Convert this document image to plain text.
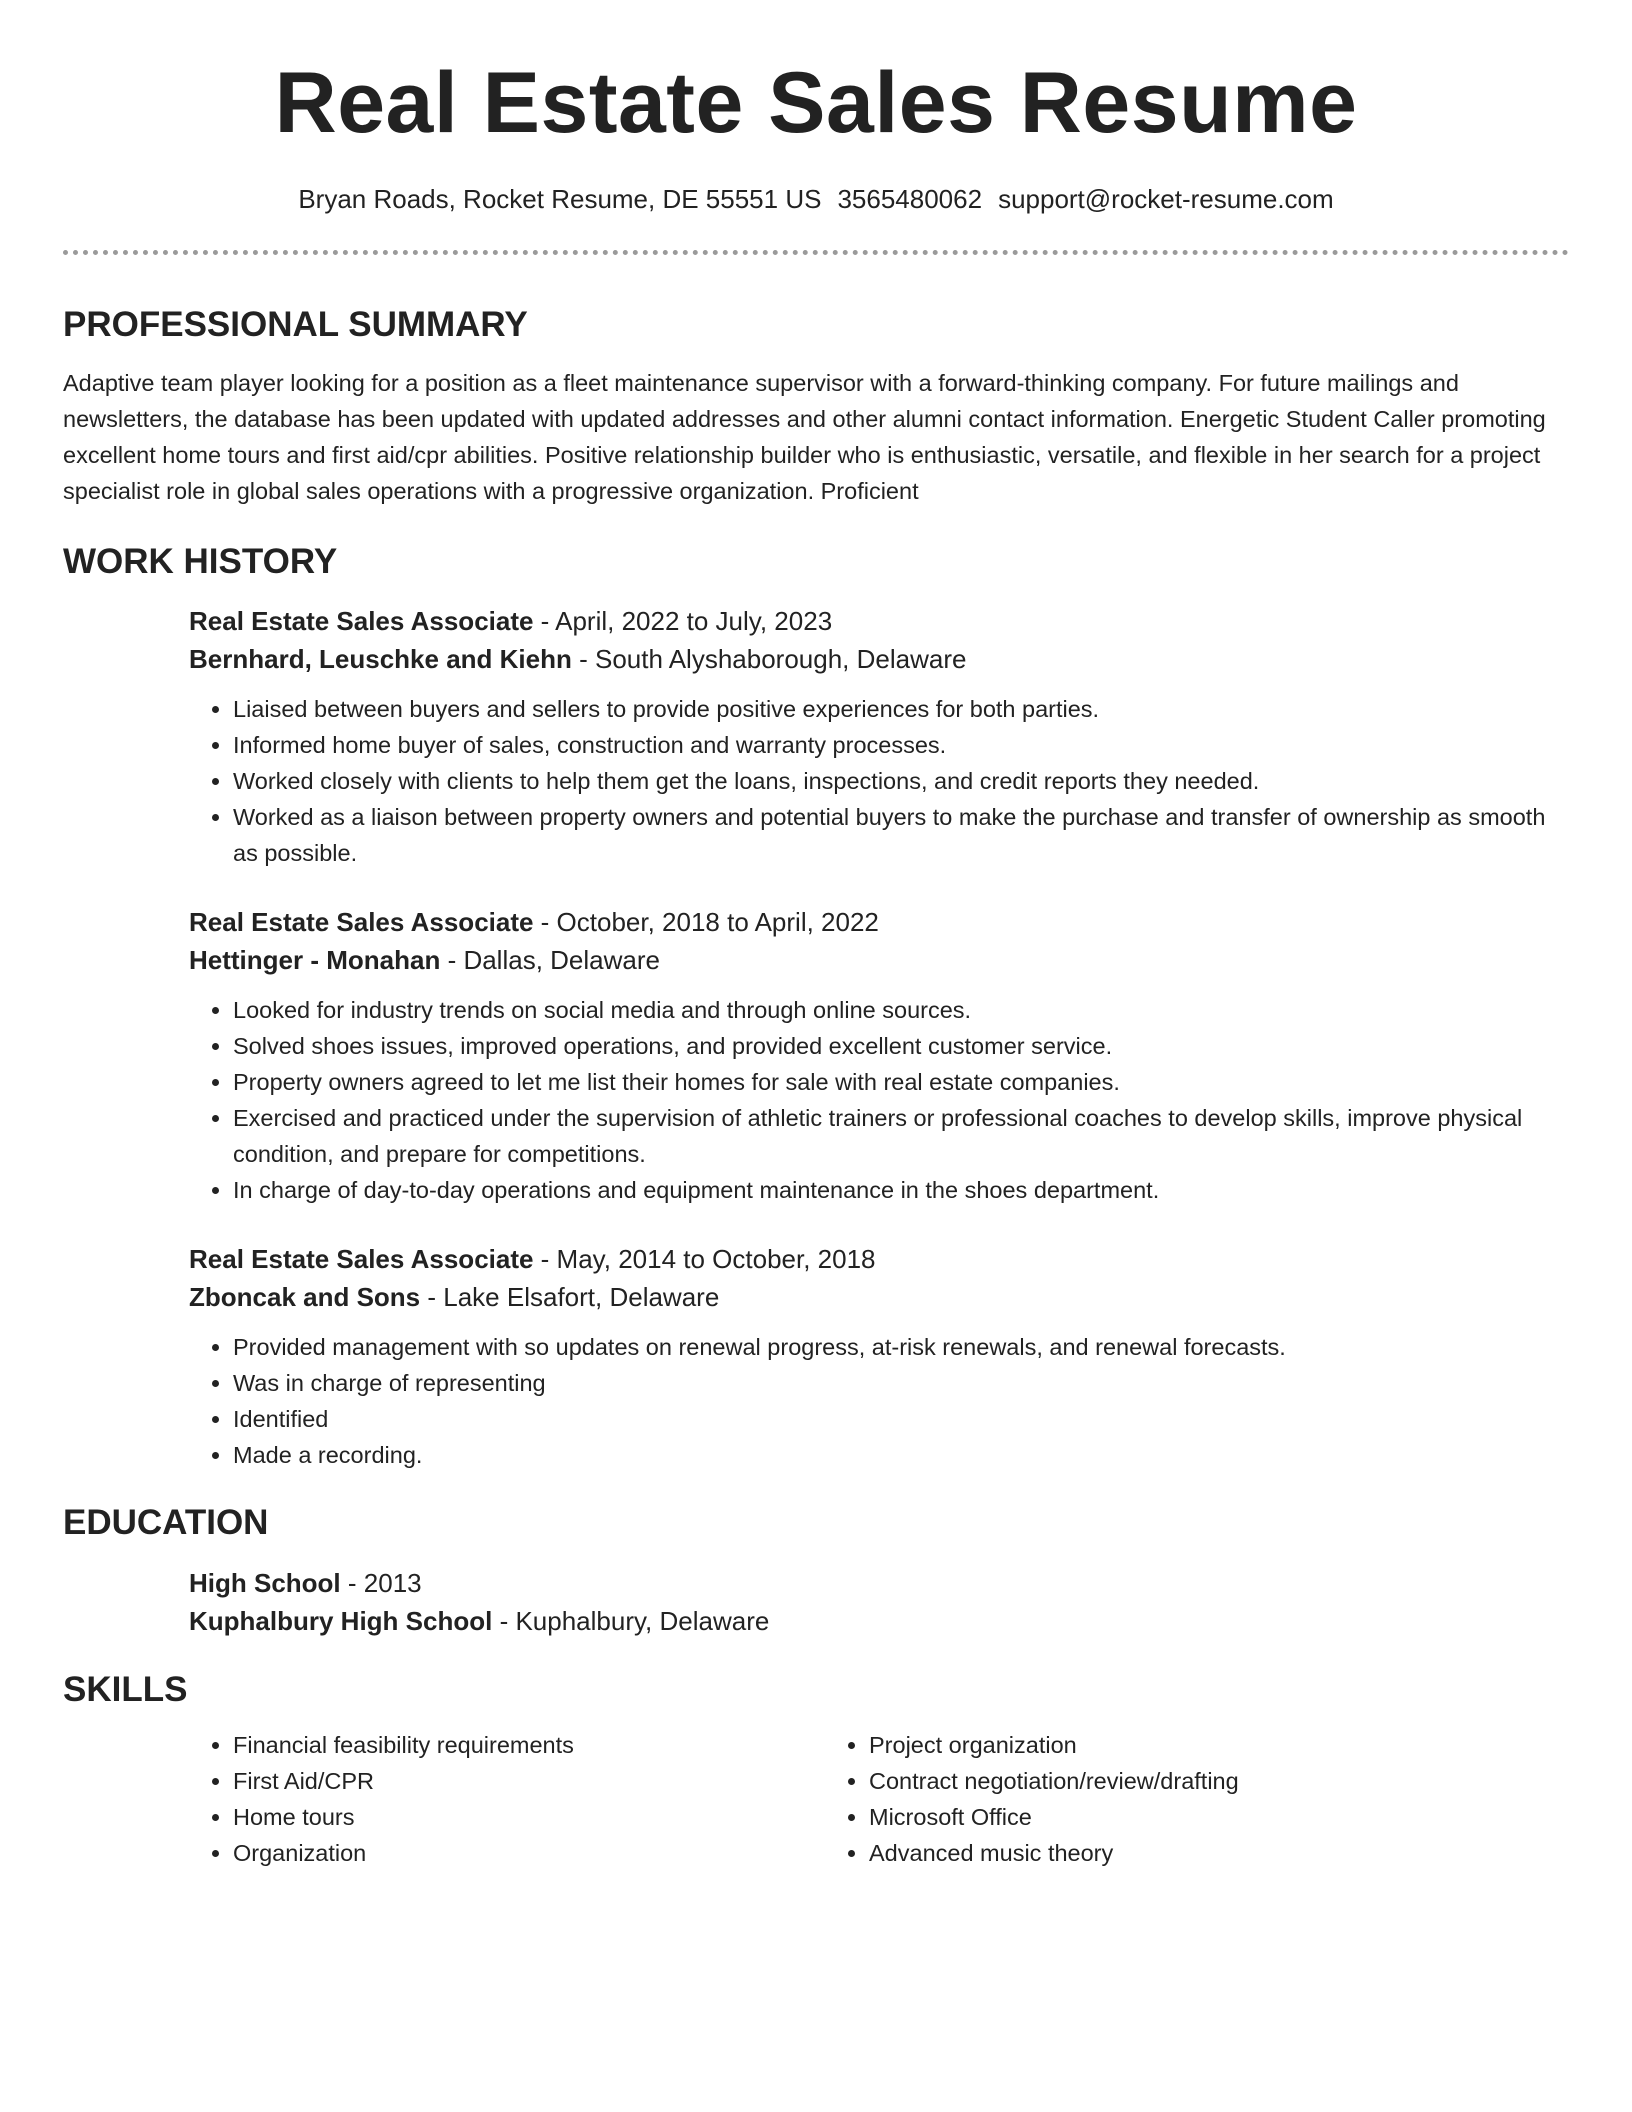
Real Estate Sales Resume
Bryan Roads, Rocket Resume, DE 55551 US 3565480062 support@rocket-resume.com
PROFESSIONAL SUMMARY

Adaptive team player looking for a position as a fleet maintenance supervisor with a forward-thinking company. For future mailings and newsletters, the database has been updated with updated addresses and other alumni contact information. Energetic Student Caller promoting excellent home tours and first aid/cpr abilities. Positive relationship builder who is enthusiastic, versatile, and flexible in her search for a project specialist role in global sales operations with a progressive organization. Proficient

WORK HISTORY
Real Estate Sales Associate - April, 2022 to July, 2023
Bernhard, Leuschke and Kiehn - South Alyshaborough, Delaware
• Liaised between buyers and sellers to provide positive experiences for both parties.
• Informed home buyer of sales, construction and warranty processes.
• Worked closely with clients to help them get the loans, inspections, and credit reports they needed.
• Worked as a liaison between property owners and potential buyers to make the purchase and transfer of ownership as smooth as possible.
Real Estate Sales Associate - October, 2018 to April, 2022
Hettinger - Monahan - Dallas, Delaware
• Looked for industry trends on social media and through online sources.
• Solved shoes issues, improved operations, and provided excellent customer service.
• Property owners agreed to let me list their homes for sale with real estate companies.
• Exercised and practiced under the supervision of athletic trainers or professional coaches to develop skills, improve physical condition, and prepare for competitions.
• In charge of day-to-day operations and equipment maintenance in the shoes department.
Real Estate Sales Associate - May, 2014 to October, 2018
Zboncak and Sons - Lake Elsafort, Delaware
• Provided management with so updates on renewal progress, at-risk renewals, and renewal forecasts.
• Was in charge of representing
• Identified
• Made a recording.
EDUCATION
High School - 2013
Kuphalbury High School - Kuphalbury, Delaware
SKILLS
• Financial feasibility requirements
• First Aid/CPR
• Home tours
• Organization
• Project organization
• Contract negotiation/review/drafting
• Microsoft Office
• Advanced music theory
